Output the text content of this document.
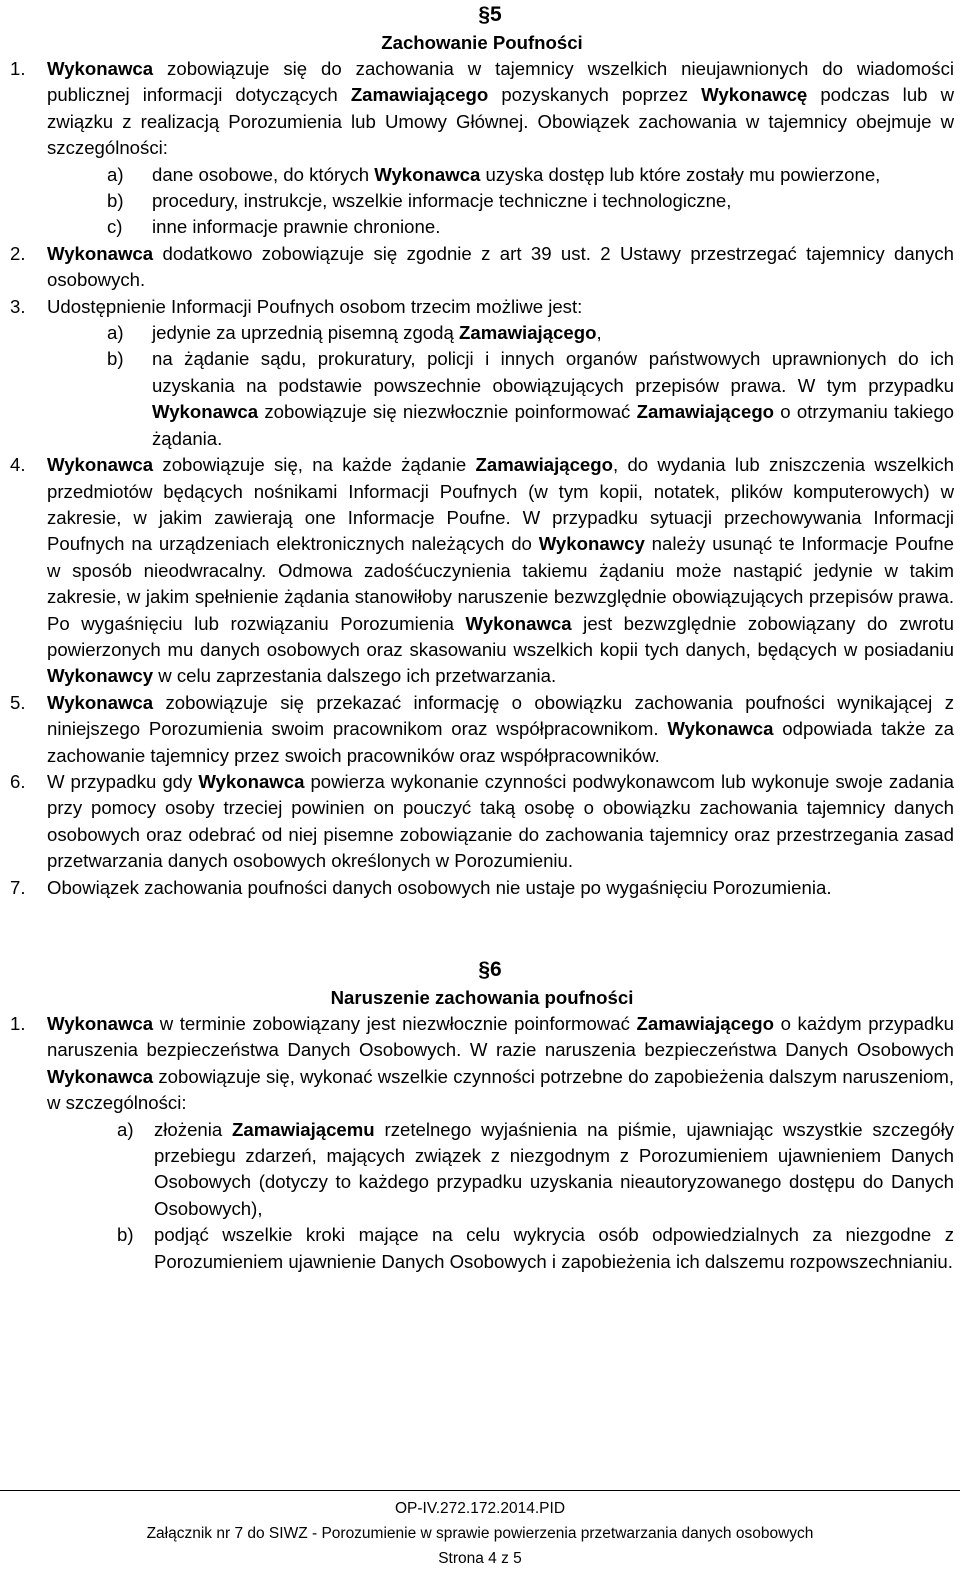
§5
Zachowanie Poufności
1. Wykonawca zobowiązuje się do zachowania w tajemnicy wszelkich nieujawnionych do wiadomości publicznej informacji dotyczących Zamawiającego pozyskanych poprzez Wykonawcę podczas lub w związku z realizacją Porozumienia lub Umowy Głównej. Obowiązek zachowania w tajemnicy obejmuje w szczególności:
a) dane osobowe, do których Wykonawca uzyska dostęp lub które zostały mu powierzone,
b) procedury, instrukcje, wszelkie informacje techniczne i technologiczne,
c) inne informacje prawnie chronione.
2. Wykonawca dodatkowo zobowiązuje się zgodnie z art 39 ust. 2 Ustawy przestrzegać tajemnicy danych osobowych.
3. Udostępnienie Informacji Poufnych osobom trzecim możliwe jest:
a) jedynie za uprzednią pisemną zgodą Zamawiającego,
b) na żądanie sądu, prokuratury, policji i innych organów państwowych uprawnionych do ich uzyskania na podstawie powszechnie obowiązujących przepisów prawa. W tym przypadku Wykonawca zobowiązuje się niezwłocznie poinformować Zamawiającego o otrzymaniu takiego żądania.
4. Wykonawca zobowiązuje się, na każde żądanie Zamawiającego, do wydania lub zniszczenia wszelkich przedmiotów będących nośnikami Informacji Poufnych (w tym kopii, notatek, plików komputerowych) w zakresie, w jakim zawierają one Informacje Poufne. W przypadku sytuacji przechowywania Informacji Poufnych na urządzeniach elektronicznych należących do Wykonawcy należy usunąć te Informacje Poufne w sposób nieodwracalny. Odmowa zadośćuczynienia takiemu żądaniu może nastąpić jedynie w takim zakresie, w jakim spełnienie żądania stanowiłoby naruszenie bezwzględnie obowiązujących przepisów prawa. Po wygaśnięciu lub rozwiązaniu Porozumienia Wykonawca jest bezwzględnie zobowiązany do zwrotu powierzonych mu danych osobowych oraz skasowaniu wszelkich kopii tych danych, będących w posiadaniu Wykonawcy w celu zaprzestania dalszego ich przetwarzania.
5. Wykonawca zobowiązuje się przekazać informację o obowiązku zachowania poufności wynikającej z niniejszego Porozumienia swoim pracownikom oraz współpracownikom. Wykonawca odpowiada także za zachowanie tajemnicy przez swoich pracowników oraz współpracowników.
6. W przypadku gdy Wykonawca powierza wykonanie czynności podwykonawcom lub wykonuje swoje zadania przy pomocy osoby trzeciej powinien on pouczyć taką osobę o obowiązku zachowania tajemnicy danych osobowych oraz odebrać od niej pisemne zobowiązanie do zachowania tajemnicy oraz przestrzegania zasad przetwarzania danych osobowych określonych w Porozumieniu.
7. Obowiązek zachowania poufności danych osobowych nie ustaje po wygaśnięciu Porozumienia.
§6
Naruszenie zachowania poufności
1. Wykonawca w terminie zobowiązany jest niezwłocznie poinformować Zamawiającego o każdym przypadku naruszenia bezpieczeństwa Danych Osobowych. W razie naruszenia bezpieczeństwa Danych Osobowych Wykonawca zobowiązuje się, wykonać wszelkie czynności potrzebne do zapobieżenia dalszym naruszeniom, w szczególności:
a) złożenia Zamawiającemu rzetelnego wyjaśnienia na piśmie, ujawniając wszystkie szczegóły przebiegu zdarzeń, mających związek z niezgodnym z Porozumieniem ujawnieniem Danych Osobowych (dotyczy to każdego przypadku uzyskania nieautoryzowanego dostępu do Danych Osobowych),
b) podjąć wszelkie kroki mające na celu wykrycia osób odpowiedzialnych za niezgodne z Porozumieniem ujawnienie Danych Osobowych i zapobieżenia ich dalszemu rozpowszechnianiu.
OP-IV.272.172.2014.PID
Załącznik nr 7 do SIWZ - Porozumienie w sprawie powierzenia przetwarzania danych osobowych
Strona 4 z 5
